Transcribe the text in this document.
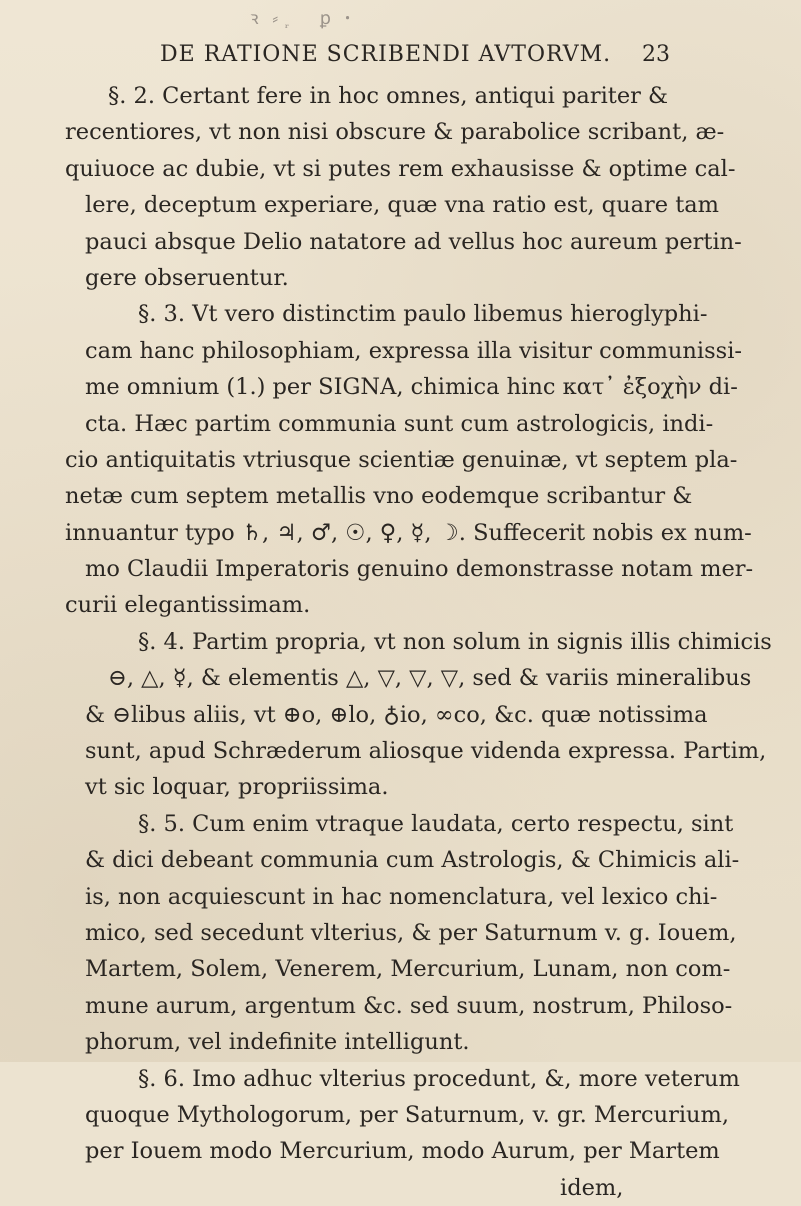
ꝛ ⸗ ᷊   ꝑ ꞏ
DE RATIONE SCRIBENDI AVTORVM. 23
§. 2. Certant fere in hoc omnes, antiqui pariter &
recentiores, vt non nisi obscure & parabolice scribant, æ-
quiuoce ac dubie, vt si putes rem exhausisse & optime cal-
lere, deceptum experiare, quæ vna ratio est, quare tam
pauci absque Delio natatore ad vellus hoc aureum pertin-
gere obseruentur.
§. 3. Vt vero distinctim paulo libemus hieroglyphi-
cam hanc philosophiam, expressa illa visitur communissi-
me omnium (1.) per SIGNA, chimica hinc κατ᾽ ἐξοχὴν di-
cta. Hæc partim communia sunt cum astrologicis, indi-
cio antiquitatis vtriusque scientiæ genuinæ, vt septem pla-
netæ cum septem metallis vno eodemque scribantur &
innuantur typo ♄, ♃, ♂, ☉, ♀, ☿, ☽. Suffecerit nobis ex num-
mo Claudii Imperatoris genuino demonstrasse notam mer-
curii elegantissimam.
§. 4. Partim propria, vt non solum in signis illis chimicis
⊖, △, ☿, & elementis △, ▽, ▽, ▽, sed & variis mineralibus
& ⊖libus aliis, vt ⊕o, ⊕lo, ♁io, ∞co, &c. quæ notissima
sunt, apud Schræderum aliosque videnda expressa. Partim,
vt sic loquar, propriissima.
§. 5. Cum enim vtraque laudata, certo respectu, sint
& dici debeant communia cum Astrologis, & Chimicis ali-
is, non acquiescunt in hac nomenclatura, vel lexico chi-
mico, sed secedunt vlterius, & per Saturnum v. g. Iouem,
Martem, Solem, Venerem, Mercurium, Lunam, non com-
mune aurum, argentum &c. sed suum, nostrum, Philoso-
phorum, vel indefinite intelligunt.
§. 6. Imo adhuc vlterius procedunt, &, more veterum
quoque Mythologorum, per Saturnum, v. gr. Mercurium,
per Iouem modo Mercurium, modo Aurum, per Martem
idem,
